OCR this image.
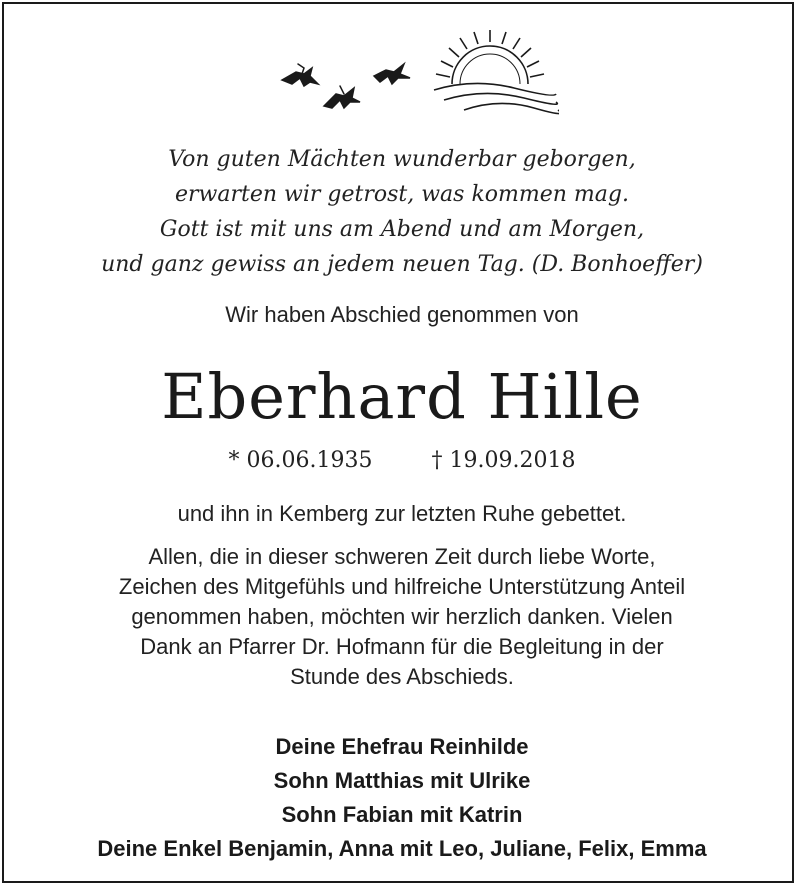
Von guten Mächten wunderbar geborgen,
erwarten wir getrost, was kommen mag.
Gott ist mit uns am Abend und am Morgen,
und ganz gewiss an jedem neuen Tag. (D. Bonhoeffer)
Wir haben Abschied genommen von
Eberhard Hille
* 06.06.1935	† 19.09.2018
und ihn in Kemberg zur letzten Ruhe gebettet.
Allen, die in dieser schweren Zeit durch liebe Worte,
Zeichen des Mitgefühls und hilfreiche Unterstützung Anteil
genommen haben, möchten wir herzlich danken. Vielen
Dank an Pfarrer Dr. Hofmann für die Begleitung in der
Stunde des Abschieds.
Deine Ehefrau Reinhilde
Sohn Matthias mit Ulrike
Sohn Fabian mit Katrin
Deine Enkel Benjamin, Anna mit Leo, Juliane, Felix, Emma
